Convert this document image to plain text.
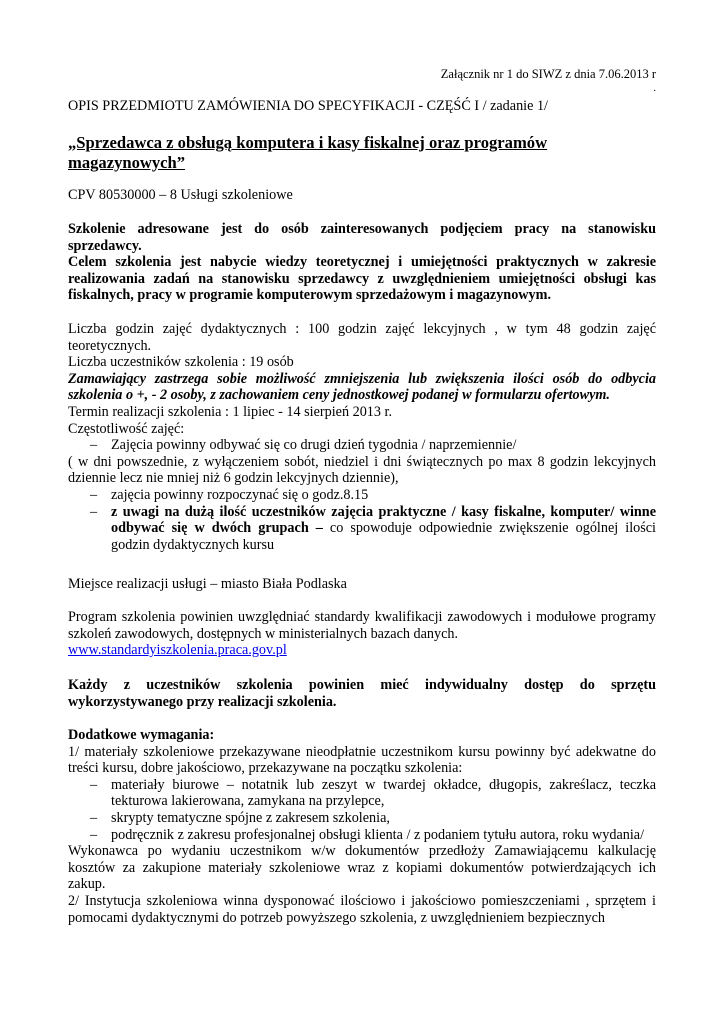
Załącznik nr 1 do SIWZ z dnia 7.06.2013 r
.
OPIS PRZEDMIOTU ZAMÓWIENIA DO SPECYFIKACJI - CZĘŚĆ I / zadanie 1/
„Sprzedawca z obsługą komputera i kasy fiskalnej oraz programów magazynowych”
CPV 80530000 – 8 Usługi szkoleniowe
Szkolenie adresowane jest do osób zainteresowanych podjęciem pracy na stanowisku sprzedawcy.
Celem szkolenia jest nabycie wiedzy teoretycznej i umiejętności praktycznych w zakresie realizowania zadań na stanowisku sprzedawcy z uwzględnieniem umiejętności obsługi kas fiskalnych, pracy w programie komputerowym sprzedażowym i magazynowym.
Liczba godzin zajęć dydaktycznych : 100 godzin zajęć lekcyjnych , w tym 48 godzin zajęć teoretycznych.
Liczba uczestników szkolenia : 19 osób
Zamawiający zastrzega sobie możliwość zmniejszenia lub zwiększenia ilości osób do odbycia szkolenia o +, - 2 osoby, z zachowaniem ceny jednostkowej podanej w formularzu ofertowym.
Termin realizacji szkolenia : 1 lipiec - 14 sierpień 2013 r.
Częstotliwość zajęć:
– Zajęcia powinny odbywać się co drugi dzień tygodnia / naprzemiennie/
( w dni powszednie, z wyłączeniem sobót, niedziel i dni świątecznych po max 8 godzin lekcyjnych dziennie lecz nie mniej niż 6 godzin lekcyjnych dziennie),
– zajęcia powinny rozpoczynać się o godz.8.15
– z uwagi na dużą ilość uczestników zajęcia praktyczne / kasy fiskalne, komputer/ winne odbywać się w dwóch grupach – co spowoduje odpowiednie zwiększenie ogólnej ilości godzin dydaktycznych kursu
Miejsce realizacji usługi – miasto Biała Podlaska
Program szkolenia powinien uwzględniać standardy kwalifikacji zawodowych i modułowe programy szkoleń zawodowych, dostępnych w ministerialnych bazach danych.
www.standardyiszkolenia.praca.gov.pl
Każdy z uczestników szkolenia powinien mieć indywidualny dostęp do sprzętu wykorzystywanego przy realizacji szkolenia.
Dodatkowe wymagania:
1/ materiały szkoleniowe przekazywane nieodpłatnie uczestnikom kursu powinny być adekwatne do treści kursu, dobre jakościowo, przekazywane na początku szkolenia:
– materiały biurowe – notatnik lub zeszyt w twardej okładce, długopis, zakreślacz, teczka tekturowa lakierowana, zamykana na przylepce,
– skrypty tematyczne spójne z zakresem szkolenia,
– podręcznik z zakresu profesjonalnej obsługi klienta / z podaniem tytułu autora, roku wydania/
Wykonawca po wydaniu uczestnikom w/w dokumentów przedłoży Zamawiającemu kalkulację kosztów za zakupione materiały szkoleniowe wraz z kopiami dokumentów potwierdzających ich zakup.
2/ Instytucja szkoleniowa winna dysponować ilościowo i jakościowo pomieszczeniami , sprzętem i pomocami dydaktycznymi do potrzeb powyższego szkolenia, z uwzględnieniem bezpiecznych
